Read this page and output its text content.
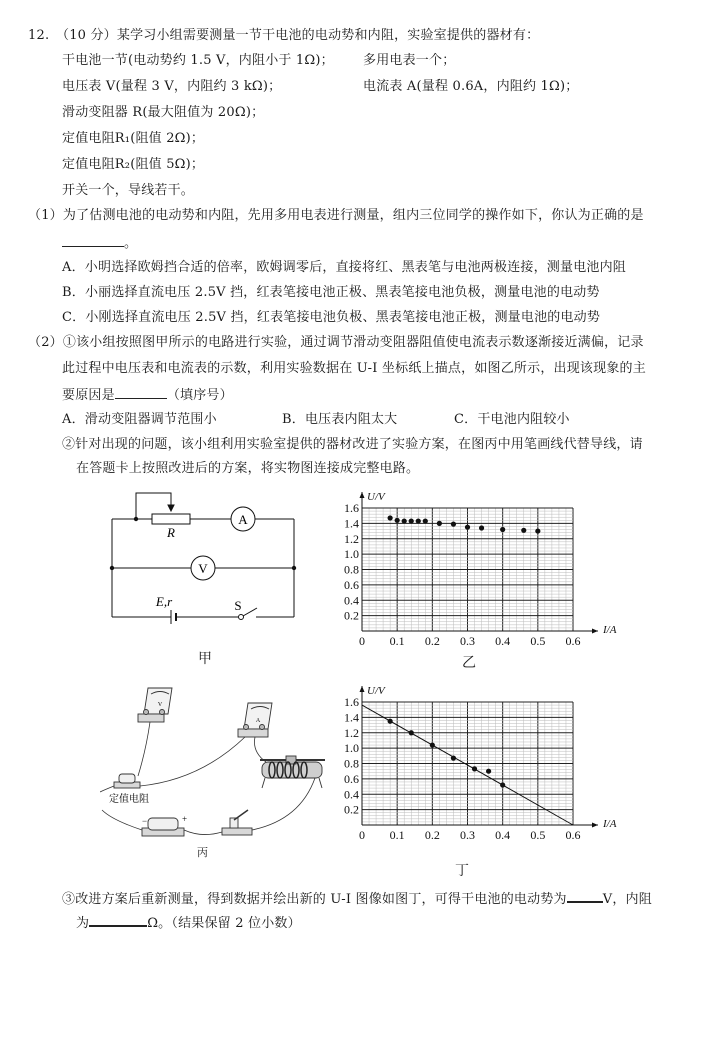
12. （10 分）某学习小组需要测量一节干电池的电动势和内阻，实验室提供的器材有：
干电池一节(电动势约 1.5 V，内阻小于 1Ω)； 多用电表一个；
电压表 V(量程 3 V，内阻约 3 kΩ)；	电流表 A(量程 0.6A，内阻约 1Ω)；
滑动变阻器 R(最大阻值为 20Ω)；
定值电阻R₁(阻值 2Ω)；
定值电阻R₂(阻值 5Ω)；
开关一个，导线若干。
（1）为了估测电池的电动势和内阻，先用多用电表进行测量，组内三位同学的操作如下，你认为正确的是
。
A．小明选择欧姆挡合适的倍率，欧姆调零后，直接将红、黑表笔与电池两极连接，测量电池内阻
B．小丽选择直流电压 2.5V 挡，红表笔接电池正极、黑表笔接电池负极，测量电池的电动势
C．小刚选择直流电压 2.5V 挡，红表笔接电池负极、黑表笔接电池正极，测量电池的电动势
（2）①该小组按照图甲所示的电路进行实验，通过调节滑动变阻器阻值使电流表示数逐渐接近满偏，记录
此过程中电压表和电流表的示数，利用实验数据在 U-I 坐标纸上描点，如图乙所示，出现该现象的主
要原因是	（填序号）
A．滑动变阻器调节范围小	B．电压表内阻太大	C．干电池内阻较小
②针对出现的问题，该小组利用实验室提供的器材改进了实验方案，在图丙中用笔画线代替导线，请
在答题卡上按照改进后的方案，将实物图连接成完整电路。
R
A
V
E,r	S
甲
0 0.1 0.2 0.3 0.4 0.5 0.6
0.2
0.4
0.6
0.8
1.0
1.2
1.4
1.6
I/A
U/V
乙
V
A
定值电阻
−	+
丙
0 0.1 0.2 0.3 0.4 0.5 0.6
0.2
0.4
0.6
0.8
1.0
1.2
1.4
1.6
I/A
U/V
丁
③改进方案后重新测量，得到数据并绘出新的 U-I 图像如图丁，可得干电池的电动势为	V，内阻
为	Ω。（结果保留 2 位小数）
